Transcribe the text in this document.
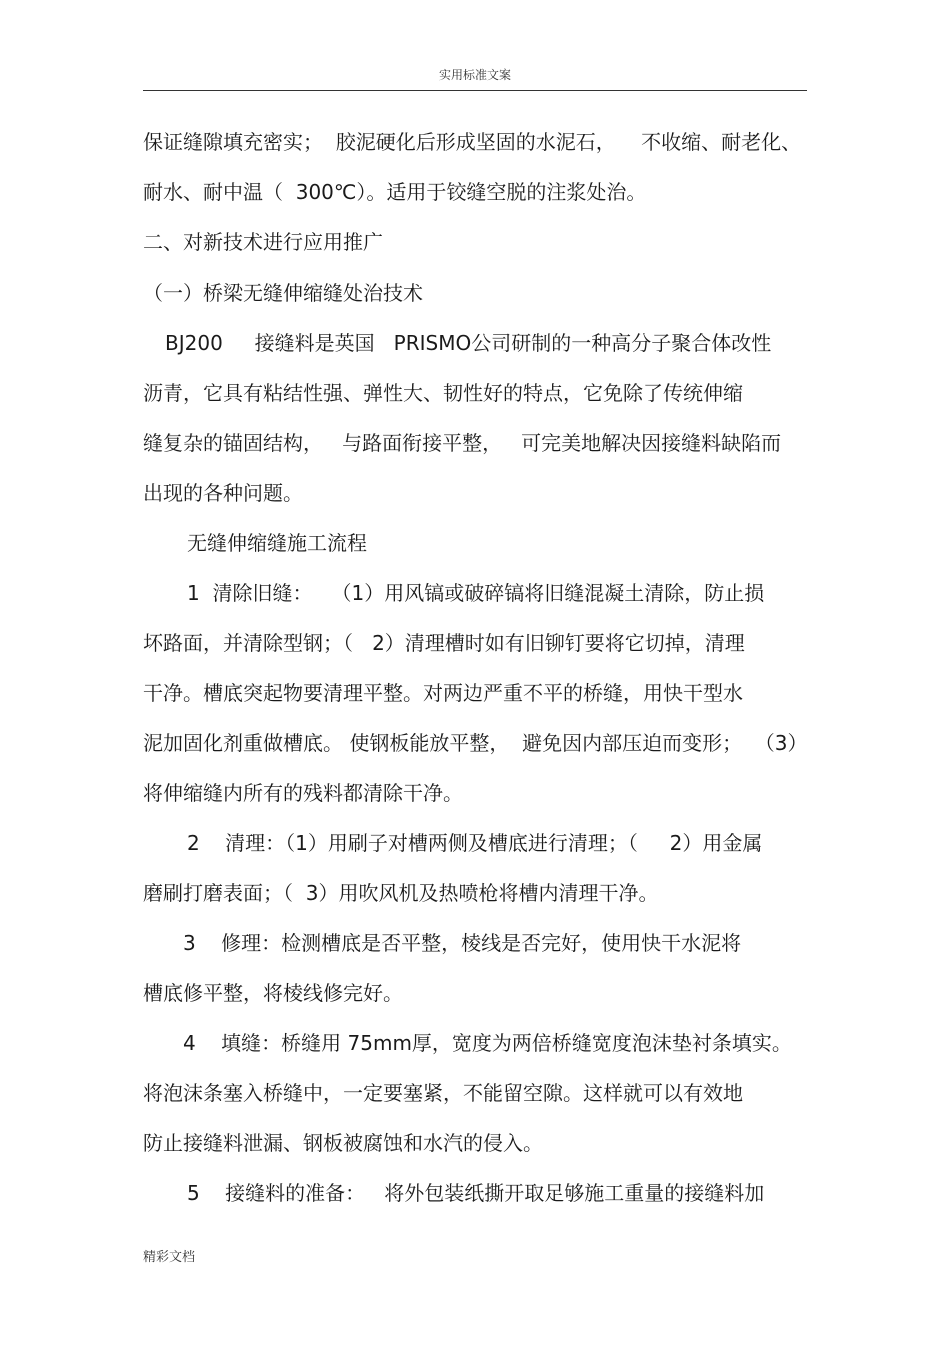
实用标准文案
保证缝隙填充密实；  胶泥硬化后形成坚固的水泥石，    不收缩、耐老化、
耐水、耐中温（  300℃）。适用于铰缝空脱的注浆处治。
二、对新技术进行应用推广
（一）桥梁无缝伸缩缝处治技术
BJ200     接缝料是英国   PRISMO公司研制的一种高分子聚合体改性
沥青，它具有粘结性强、弹性大、韧性好的特点，它免除了传统伸缩
缝复杂的锚固结构，   与路面衔接平整，   可完美地解决因接缝料缺陷而
出现的各种问题。
无缝伸缩缝施工流程
1  清除旧缝：   （1）用风镐或破碎镐将旧缝混凝土清除，防止损
坏路面，并清除型钢；（   2）清理槽时如有旧铆钉要将它切掉，清理
干净。槽底突起物要清理平整。对两边严重不平的桥缝，用快干型水
泥加固化剂重做槽底。 使钢板能放平整，  避免因内部压迫而变形；  （3）
将伸缩缝内所有的残料都清除干净。
2    清理：（1）用刷子对槽两侧及槽底进行清理；（     2）用金属
磨刷打磨表面；（  3）用吹风机及热喷枪将槽内清理干净。
3    修理：检测槽底是否平整，棱线是否完好，使用快干水泥将
槽底修平整，将棱线修完好。
4    填缝：桥缝用 75mm厚，宽度为两倍桥缝宽度泡沫垫衬条填实。
将泡沫条塞入桥缝中，一定要塞紧，不能留空隙。这样就可以有效地
防止接缝料泄漏、钢板被腐蚀和水汽的侵入。
5    接缝料的准备：   将外包装纸撕开取足够施工重量的接缝料加
精彩文档
